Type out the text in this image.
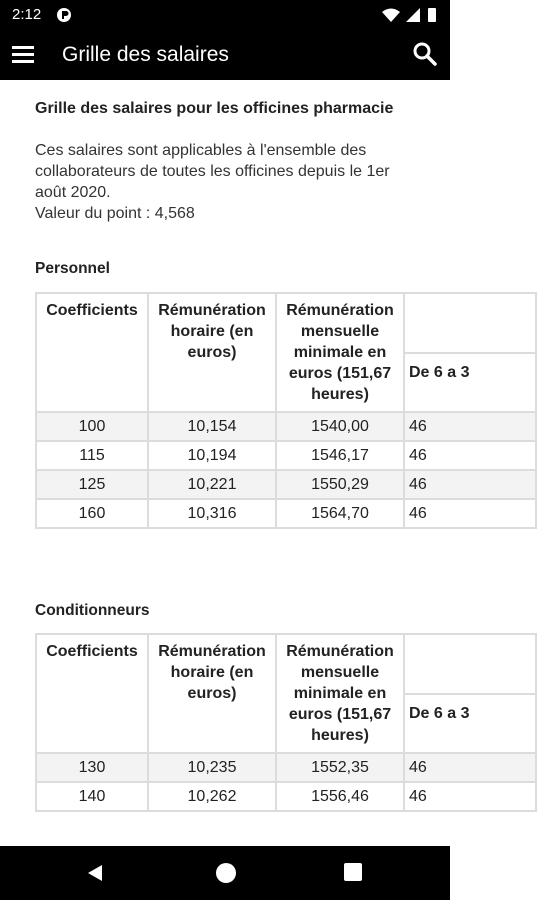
2:12
Grille des salaires
Grille des salaires pour les officines pharmacie
Ces salaires sont applicables à l'ensemble des collaborateurs de toutes les officines depuis le 1er août 2020.
Valeur du point : 4,568
Personnel
Coefficients	Rémunération horaire (en euros)	Rémunération mensuelle minimale en euros (151,67 heures)	
			De 6 a 3
100	10,154	1540,00	46
115	10,194	1546,17	46
125	10,221	1550,29	46
160	10,316	1564,70	46
Conditionneurs
Coefficients	Rémunération horaire (en euros)	Rémunération mensuelle minimale en euros (151,67 heures)	
			De 6 a 3
130	10,235	1552,35	46
140	10,262	1556,46	46
